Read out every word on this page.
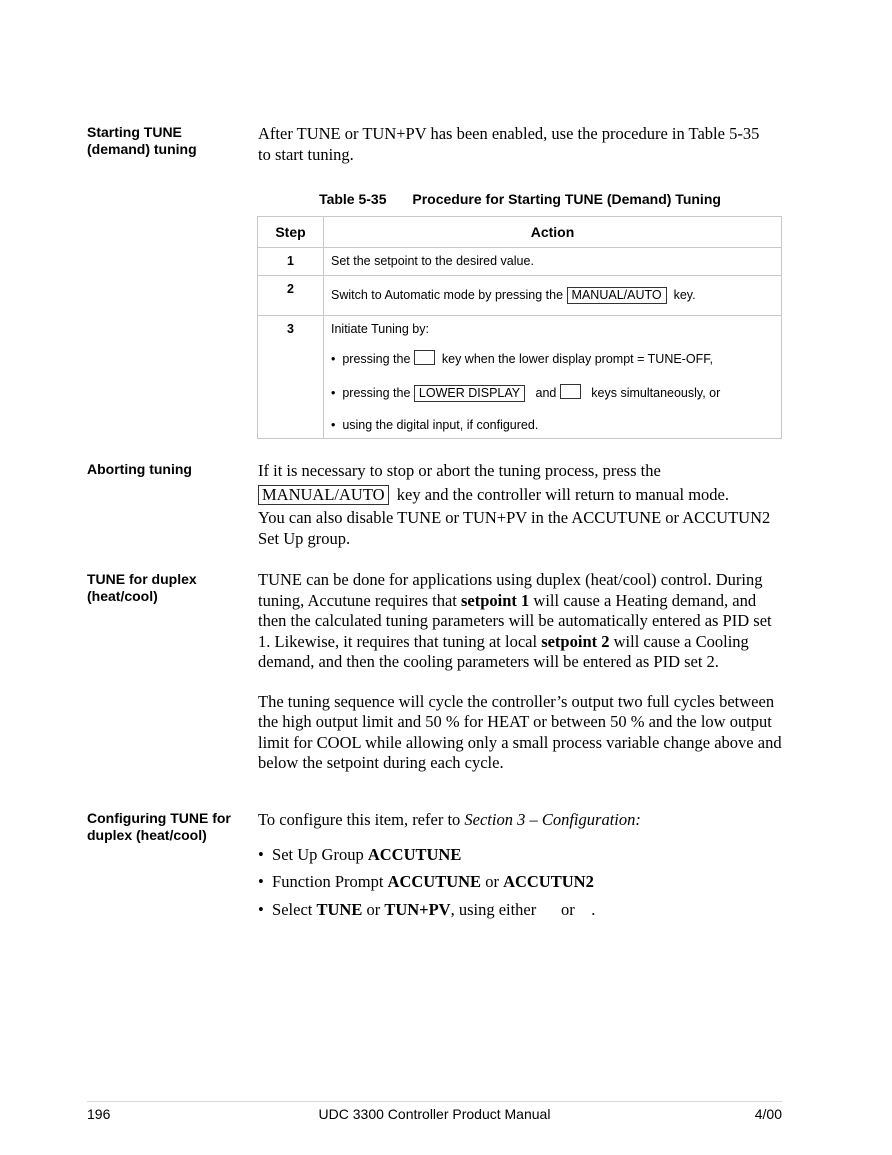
Starting TUNE (demand) tuning
After TUNE or TUN+PV has been enabled, use the procedure in Table 5-35 to start tuning.
Table 5-35 Procedure for Starting TUNE (Demand) Tuning
Step	Action
1	Set the setpoint to the desired value.
2	Switch to Automatic mode by pressing the MANUAL/AUTO key.
3	Initiate Tuning by:
•  pressing the key when the lower display prompt = TUNE-OFF,
•  pressing the LOWER DISPLAY and keys simultaneously, or
•  using the digital input, if configured.
Aborting tuning	If it is necessary to stop or abort the tuning process, press the

MANUAL/AUTO key and the controller will return to manual mode.

You can also disable TUNE or TUN+PV in the ACCUTUNE or ACCUTUN2 Set Up group.

TUNE for duplex (heat/cool)

TUNE can be done for applications using duplex (heat/cool) control. During tuning, Accutune requires that setpoint 1 will cause a Heating demand, and then the calculated tuning parameters will be automatically entered as PID set 1. Likewise, it requires that tuning at local setpoint 2 will cause a Cooling demand, and then the cooling parameters will be entered as PID set 2.

The tuning sequence will cycle the controller’s output two full cycles between the high output limit and 50 % for HEAT or between 50 % and the low output limit for COOL while allowing only a small process variable change above and below the setpoint during each cycle.

Configuring TUNE for duplex (heat/cool)

To configure this item, refer to Section 3 – Configuration:

•  Set Up Group ACCUTUNE
•  Function Prompt ACCUTUNE or ACCUTUN2
•  Select TUNE or TUN+PV, using either or .
196	UDC 3300 Controller Product Manual	4/00
